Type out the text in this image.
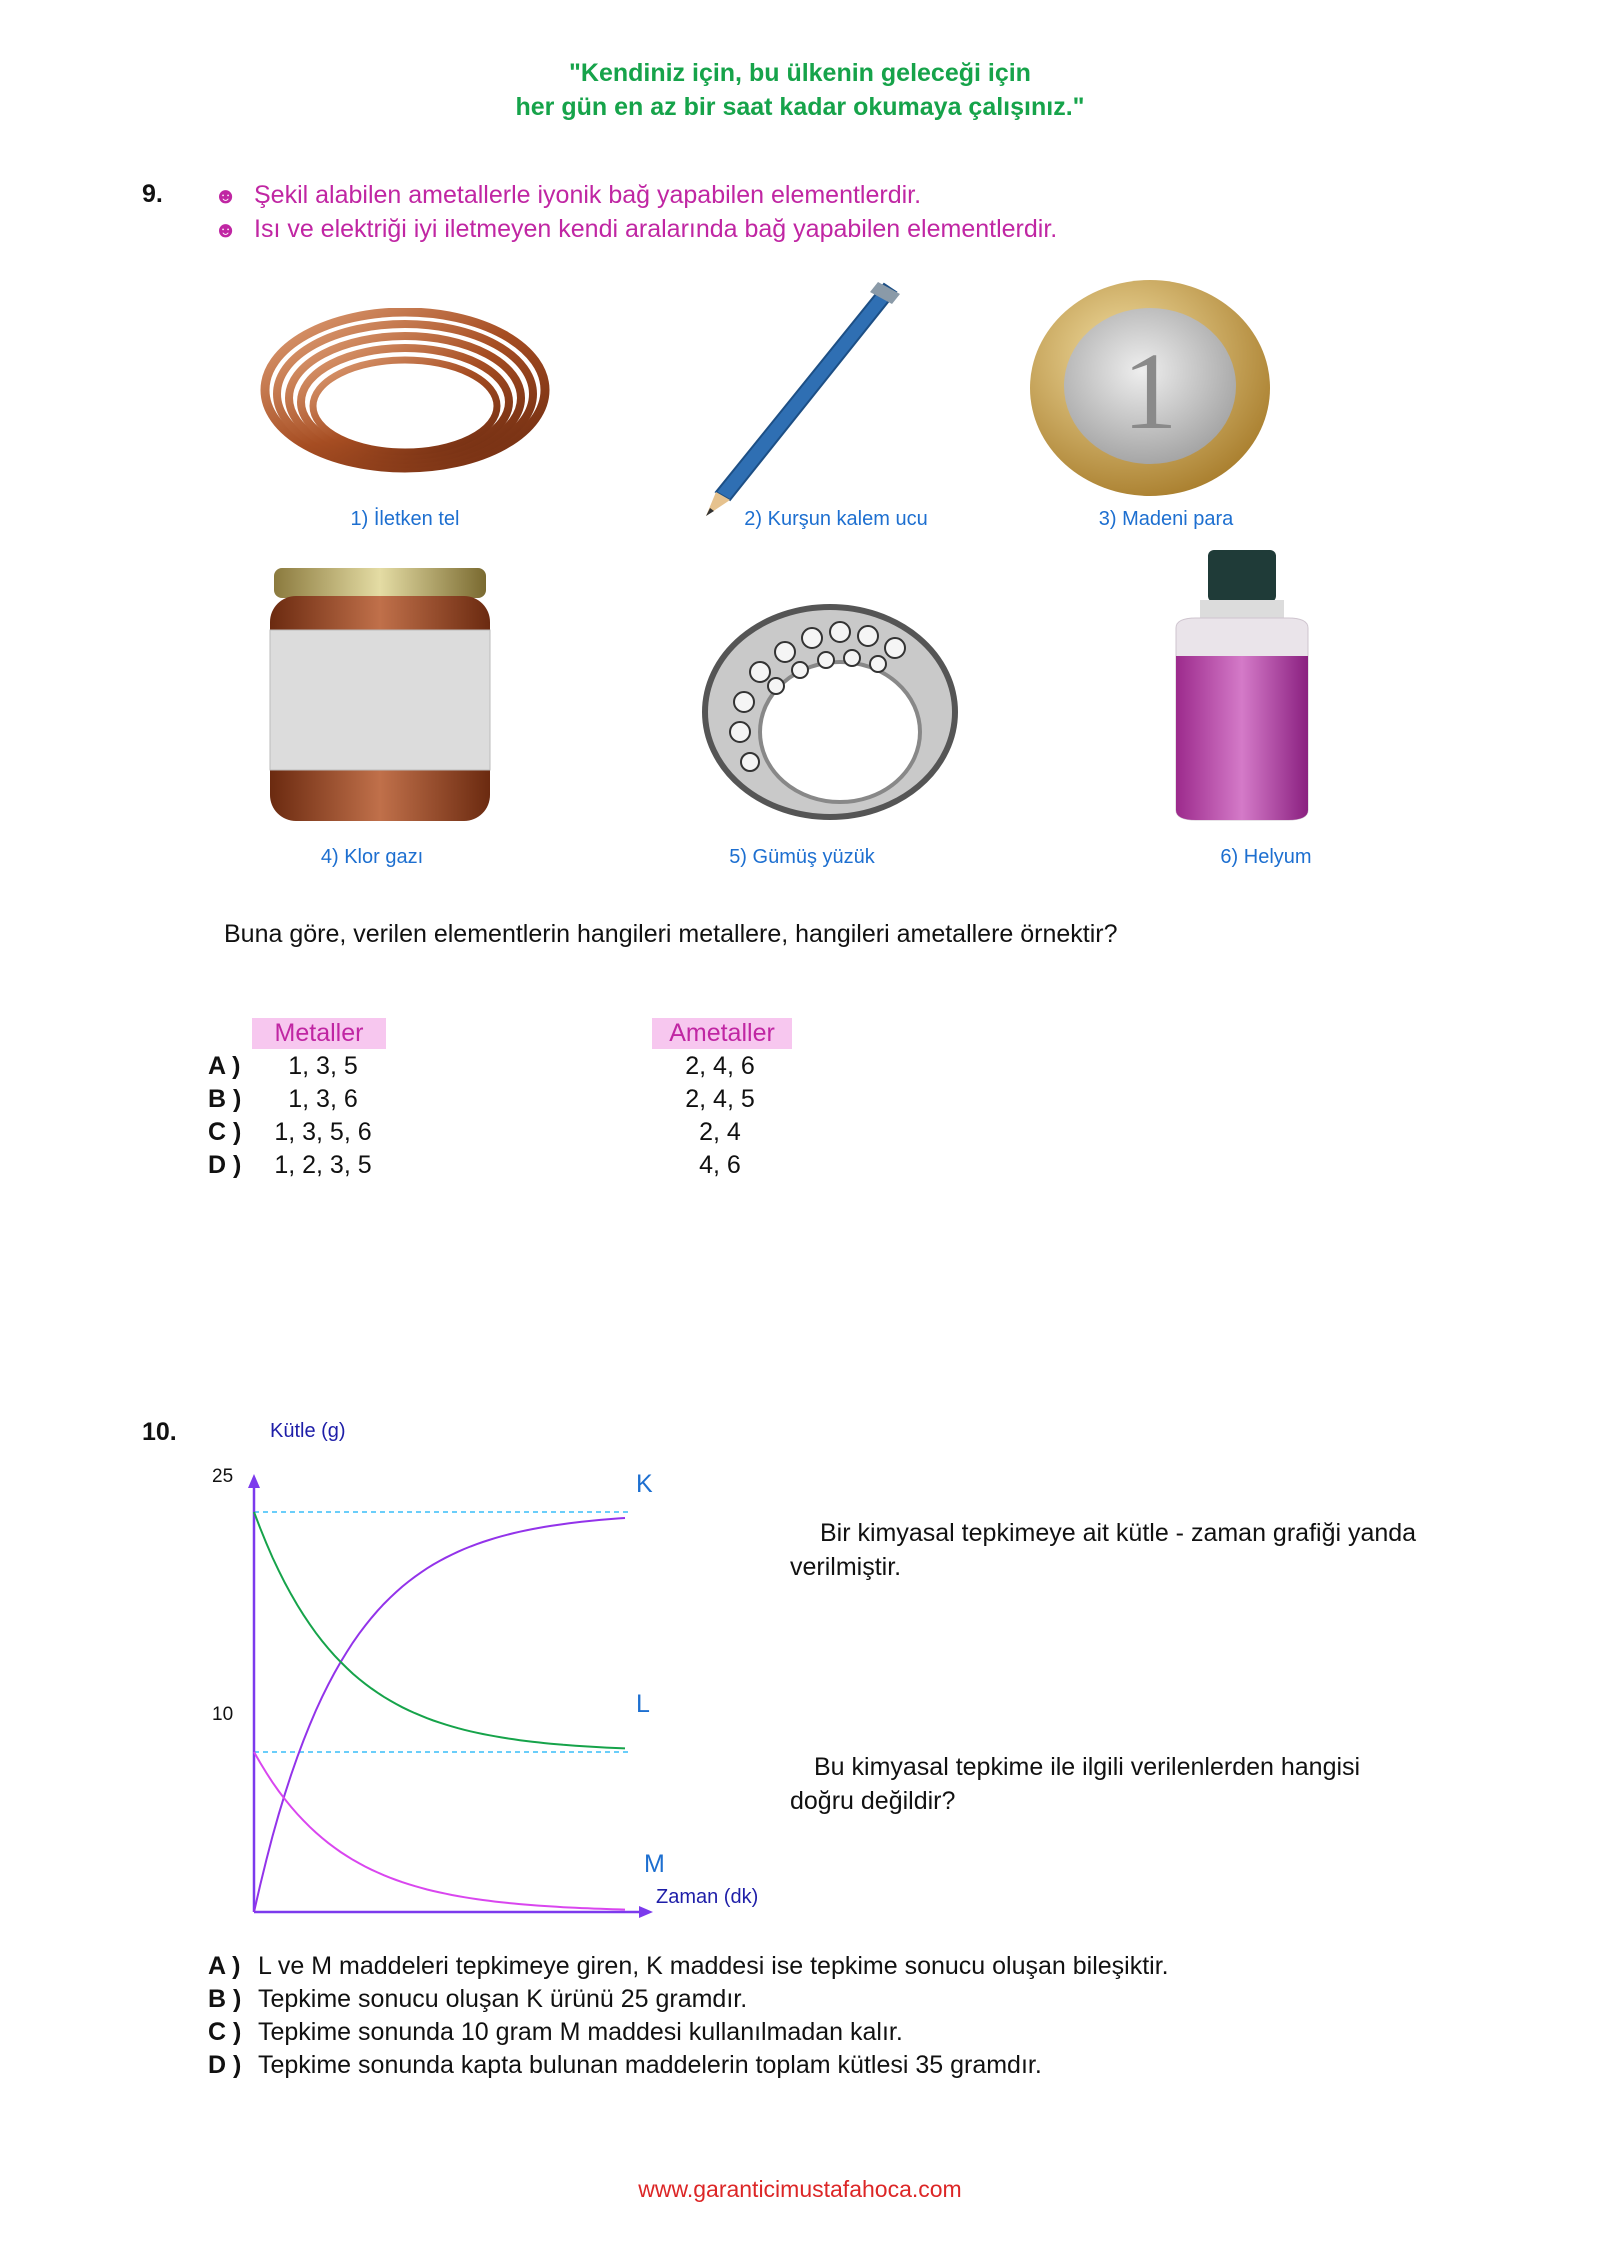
"Kendiniz için, bu ülkenin geleceği için
her gün en az bir saat kadar okumaya çalışınız."
9. ☻ Şekil alabilen ametallerle iyonik bağ yapabilen elementlerdir.
☻ Isı ve elektriği iyi iletmeyen kendi aralarında bağ yapabilen elementlerdir.
1) İletken tel	2) Kurşun kalem ucu
1
3) Madeni para
4) Klor gazı	5) Gümüş yüzük	6) Helyum
Buna göre, verilen elementlerin hangileri metallere, hangileri ametallere örnektir?
Metaller	Ametaller
A )	1, 3, 5	2, 4, 6
B )	1, 3, 6	2, 4, 5
C )	1, 3, 5, 6	2, 4
D )	1, 2, 3, 5	4, 6
10.	Kütle (g)
25
10
K
L
M
Zaman (dk)
Bir kimyasal tepkimeye ait kütle - zaman grafiği yanda verilmiştir.
Bu kimyasal tepkime ile ilgili verilenlerden hangisi doğru değildir?
A ) L ve M maddeleri tepkimeye giren, K maddesi ise tepkime sonucu oluşan bileşiktir.
B ) Tepkime sonucu oluşan K ürünü 25 gramdır.
C ) Tepkime sonunda 10 gram M maddesi kullanılmadan kalır.
D ) Tepkime sonunda kapta bulunan maddelerin toplam kütlesi 35 gramdır.
www.garanticimustafahoca.com
